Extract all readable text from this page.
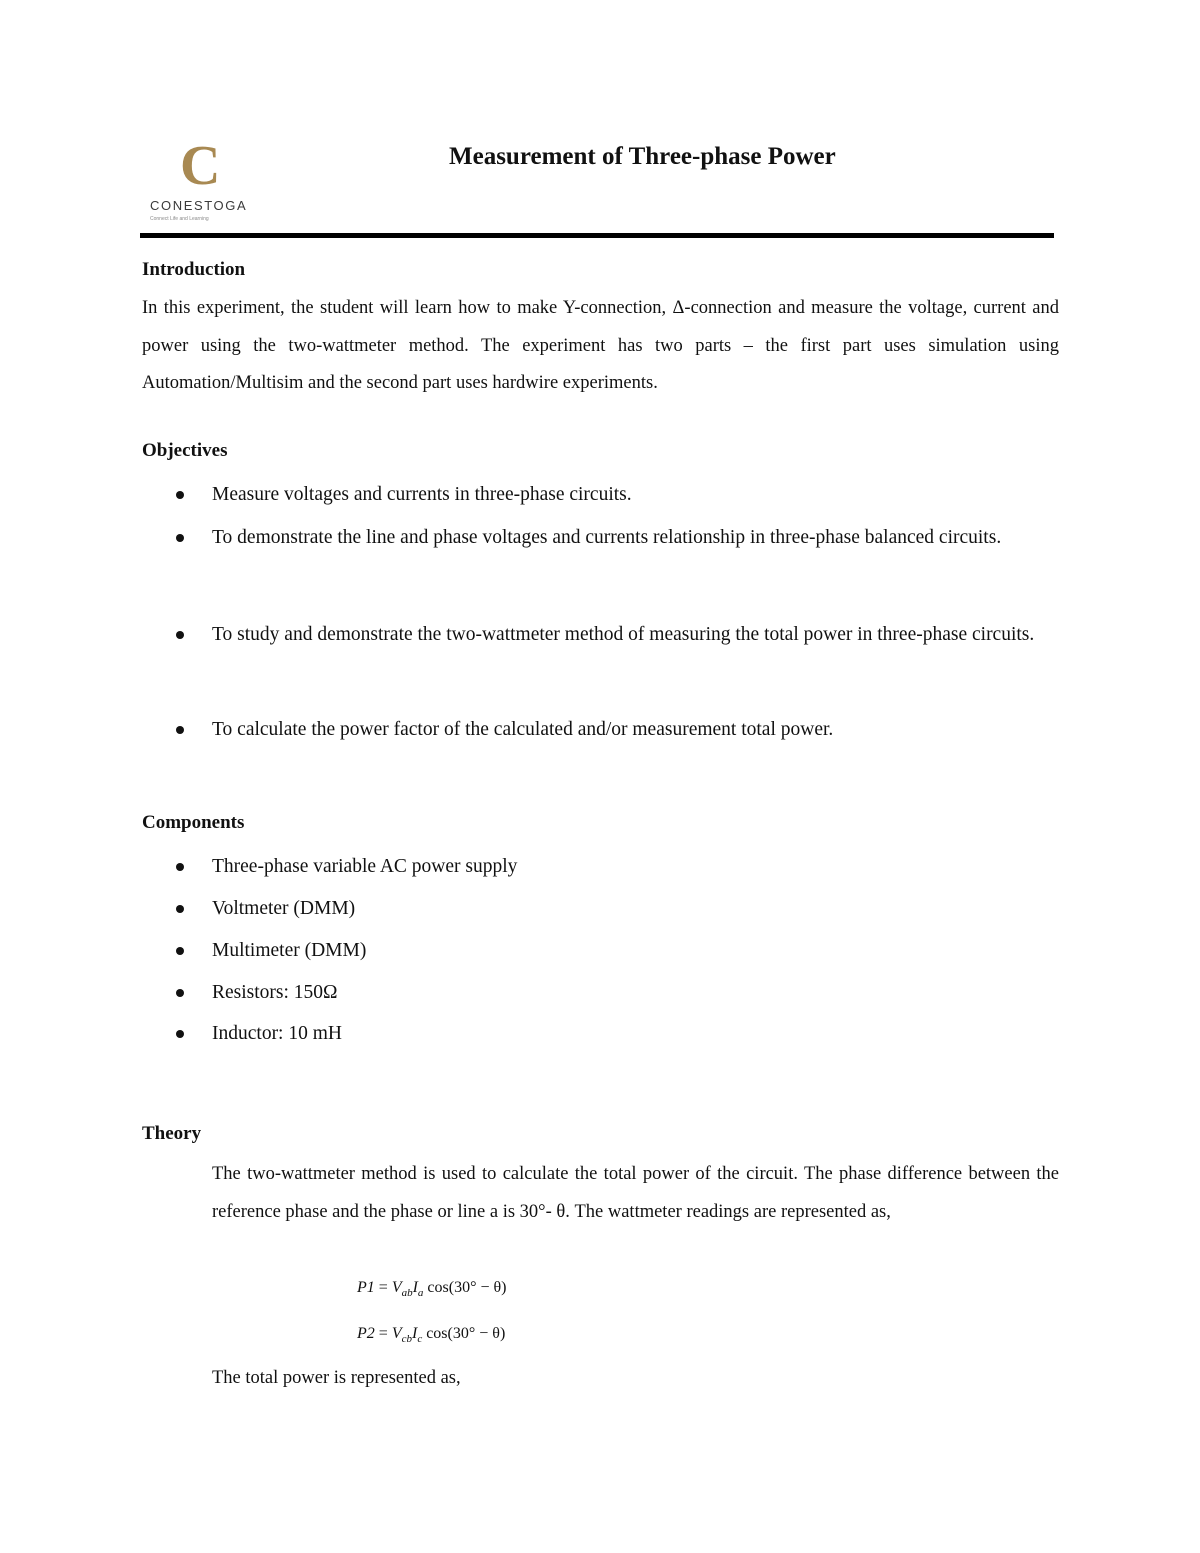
C
CONESTOGA
Connect Life and Learning
Measurement of Three-phase Power
Introduction

In this experiment, the student will learn how to make Y-connection, Δ-connection and measure the voltage, current and power using the two-wattmeter method. The experiment has two parts – the first part uses simulation using Automation/Multisim and the second part uses hardwire experiments.

Objectives
Measure voltages and currents in three-phase circuits.
To demonstrate the line and phase voltages and currents relationship in three-phase balanced circuits.
To study and demonstrate the two-wattmeter method of measuring the total power in three-phase circuits.
To calculate the power factor of the calculated and/or measurement total power.
Components
Three-phase variable AC power supply
Voltmeter (DMM)
Multimeter (DMM)
Resistors: 150Ω
Inductor: 10 mH
Theory

The two-wattmeter method is used to calculate the total power of the circuit. The phase difference between the reference phase and the phase or line a is 30°- θ. The wattmeter readings are represented as,

$P1 = V_{ab}I_a$ cos(30° − θ)
$P2 = V_{cb}I_c$ cos(30° − θ)
The total power is represented as,
